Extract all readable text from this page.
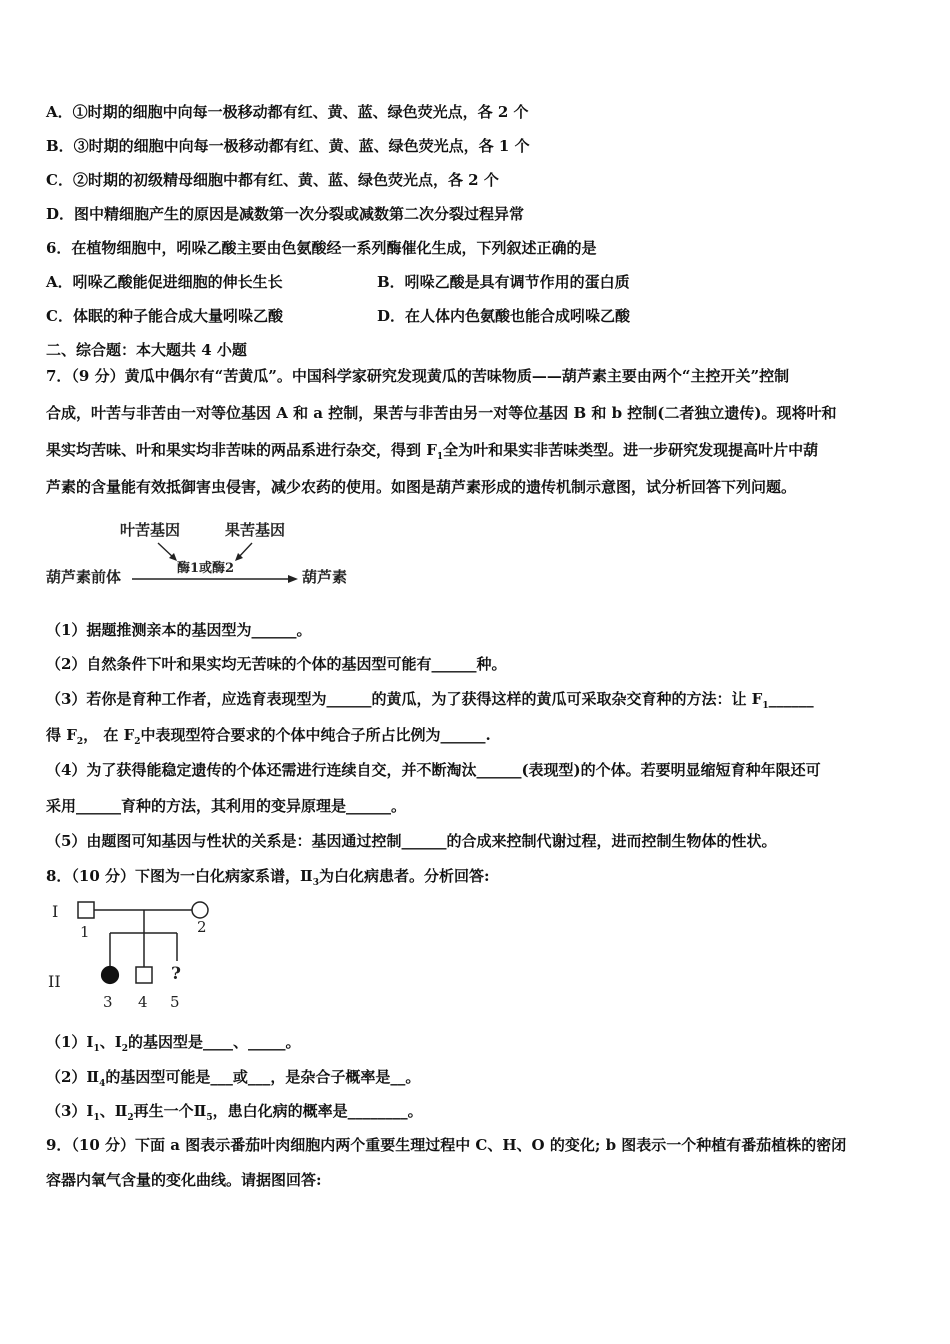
A．①时期的细胞中向每一极移动都有红、黄、蓝、绿色荧光点，各 2 个
B．③时期的细胞中向每一极移动都有红、黄、蓝、绿色荧光点，各 1 个
C．②时期的初级精母细胞中都有红、黄、蓝、绿色荧光点，各 2 个
D．图中精细胞产生的原因是减数第一次分裂或减数第二次分裂过程异常
6．在植物细胞中，吲哚乙酸主要由色氨酸经一系列酶催化生成，下列叙述正确的是
A．吲哚乙酸能促进细胞的伸长生长	B．吲哚乙酸是具有调节作用的蛋白质
C．体眠的种子能合成大量吲哚乙酸	D．在人体内色氨酸也能合成吲哚乙酸
二、综合题：本大题共 4 小题
7．（9 分）黄瓜中偶尔有“苦黄瓜”。中国科学家研究发现黄瓜的苦味物质——葫芦素主要由两个“主控开关”控制
合成，叶苦与非苦由一对等位基因 A 和 a 控制，果苦与非苦由另一对等位基因 B 和 b 控制(二者独立遗传)。现将叶和
果实均苦味、叶和果实均非苦味的两品系进行杂交，得到 $F_1$全为叶和果实非苦味类型。进一步研究发现提高叶片中葫
芦素的含量能有效抵御害虫侵害，减少农药的使用。如图是葫芦素形成的遗传机制示意图，试分析回答下列问题。
叶苦基因	果苦基因
酶1或酶2
葫芦素前体	葫芦素
（1）据题推测亲本的基因型为______。
（2）自然条件下叶和果实均无苦味的个体的基因型可能有______种。
（3）若你是育种工作者，应选育表现型为______的黄瓜，为了获得这样的黄瓜可采取杂交育种的方法：让 $F_1\_\_\_\_\_\_$
得 $F_2$， 在 $F_2$中表现型符合要求的个体中纯合子所占比例为______.
（4）为了获得能稳定遗传的个体还需进行连续自交，并不断淘汰______(表现型)的个体。若要明显缩短育种年限还可
采用______育种的方法，其利用的变异原理是______。
（5）由题图可知基因与性状的关系是：基因通过控制______的合成来控制代谢过程，进而控制生物体的性状。
8．（10 分）下图为一白化病家系谱，$Ⅱ_3$为白化病患者。分析回答:
I
1	2
II	?
3 4 5
$(1)Ⅰ_1$、$Ⅰ_2$的基因型是____、_____。
$(2)Ⅱ_4$的基因型可能是___或___，是杂合子概率是__。
$(3)Ⅰ_1$、$Ⅱ_2$再生一个$Ⅱ_5$，患白化病的概率是________。
9．（10 分）下面 a 图表示番茄叶肉细胞内两个重要生理过程中 C、H、O 的变化; b 图表示一个种植有番茄植株的密闭
容器内氧气含量的变化曲线。请据图回答:
